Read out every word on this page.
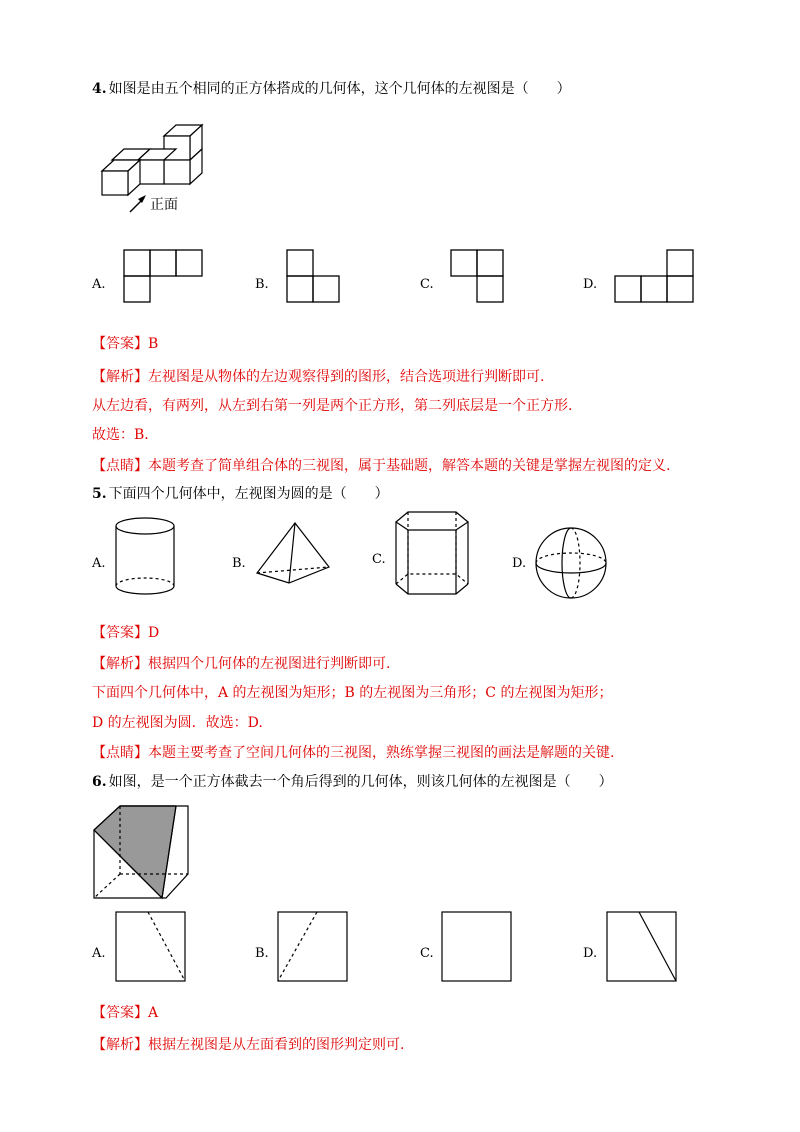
4. 如图是由五个相同的正方体搭成的几何体，这个几何体的左视图是（　　）
正面
A.	B.	C.	D.
【答案】B
【解析】左视图是从物体的左边观察得到的图形，结合选项进行判断即可.
从左边看，有两列，从左到右第一列是两个正方形，第二列底层是一个正方形.
故选：B.
【点睛】本题考查了简单组合体的三视图，属于基础题，解答本题的关键是掌握左视图的定义.
5. 下面四个几何体中，左视图为圆的是（　　）
A.	B.	C.	D.
【答案】D
【解析】根据四个几何体的左视图进行判断即可.
下面四个几何体中，A 的左视图为矩形；B 的左视图为三角形；C 的左视图为矩形；
D 的左视图为圆．故选：D.
【点睛】本题主要考查了空间几何体的三视图，熟练掌握三视图的画法是解题的关键.
6. 如图，是一个正方体截去一个角后得到的几何体，则该几何体的左视图是（　　）
A.	B.	C.	D.
【答案】A
【解析】根据左视图是从左面看到的图形判定则可.
